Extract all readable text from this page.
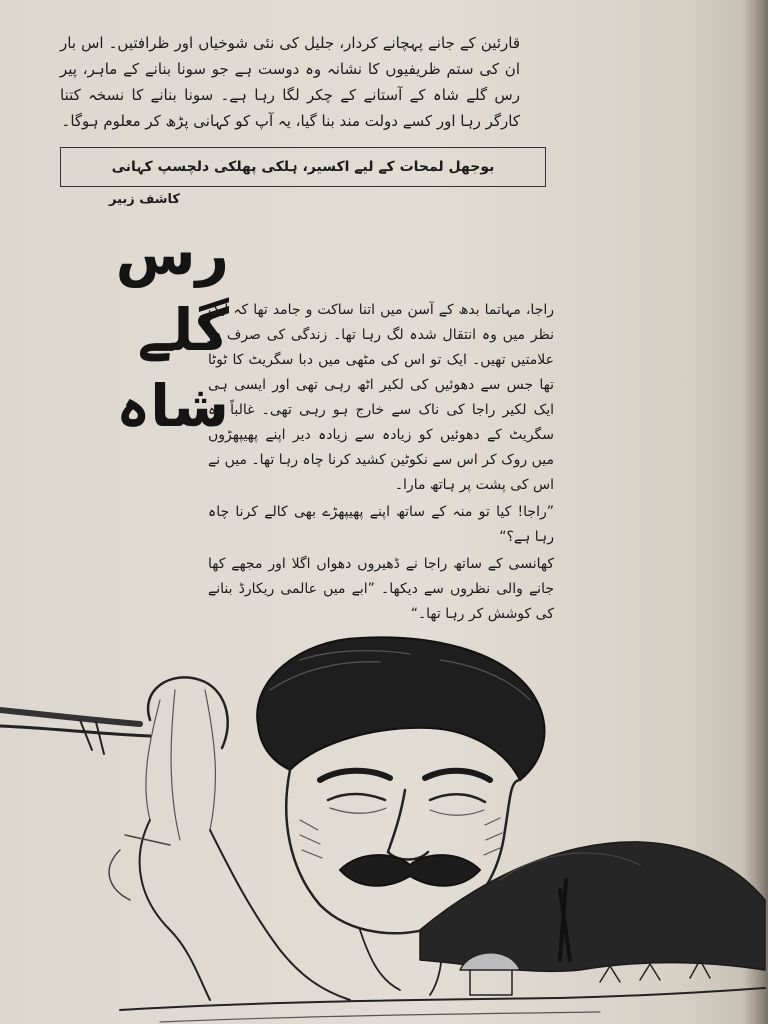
قارئین کے جانے پہچانے کردار، جلیل کی نئی شوخیاں اور ظرافتیں۔ اس بار ان کی ستم ظریفیوں کا نشانہ وہ دوست ہے جو سونا بنانے کے ماہر، پیر رس گلے شاہ کے آستانے کے چکر لگا رہا ہے۔ سونا بنانے کا نسخہ کتنا کارگر رہا اور کسے دولت مند بنا گیا، یہ آپ کو کہانی پڑھ کر معلوم ہوگا۔

بوجھل لمحات کے لیے اکسیر، ہلکی پھلکی دلچسپ کہانی
کاشف زبیر
رس گلے شاہ

راجا، مہاتما بدھ کے آسن میں اتنا ساکت و جامد تھا کہ ایک نظر میں وہ انتقال شدہ لگ رہا تھا۔ زندگی کی صرف دو علامتیں تھیں۔ ایک تو اس کی مٹھی میں دبا سگریٹ کا ٹوٹا تھا جس سے دھوئیں کی لکیر اٹھ رہی تھی اور ایسی ہی ایک لکیر راجا کی ناک سے خارج ہو رہی تھی۔ غالباً وہ سگریٹ کے دھوئیں کو زیادہ سے زیادہ دیر اپنے پھیپھڑوں میں روک کر اس سے نکوٹین کشید کرنا چاہ رہا تھا۔ میں نے اس کی پشت پر ہاتھ مارا۔

”راجا! کیا تو منہ کے ساتھ اپنے پھیپھڑے بھی کالے کرنا چاہ رہا ہے؟“

کھانسی کے ساتھ راجا نے ڈھیروں دھواں اگلا اور مجھے کھا جانے والی نظروں سے دیکھا۔ ”ابے میں عالمی ریکارڈ بنانے کی کوشش کر رہا تھا۔“
